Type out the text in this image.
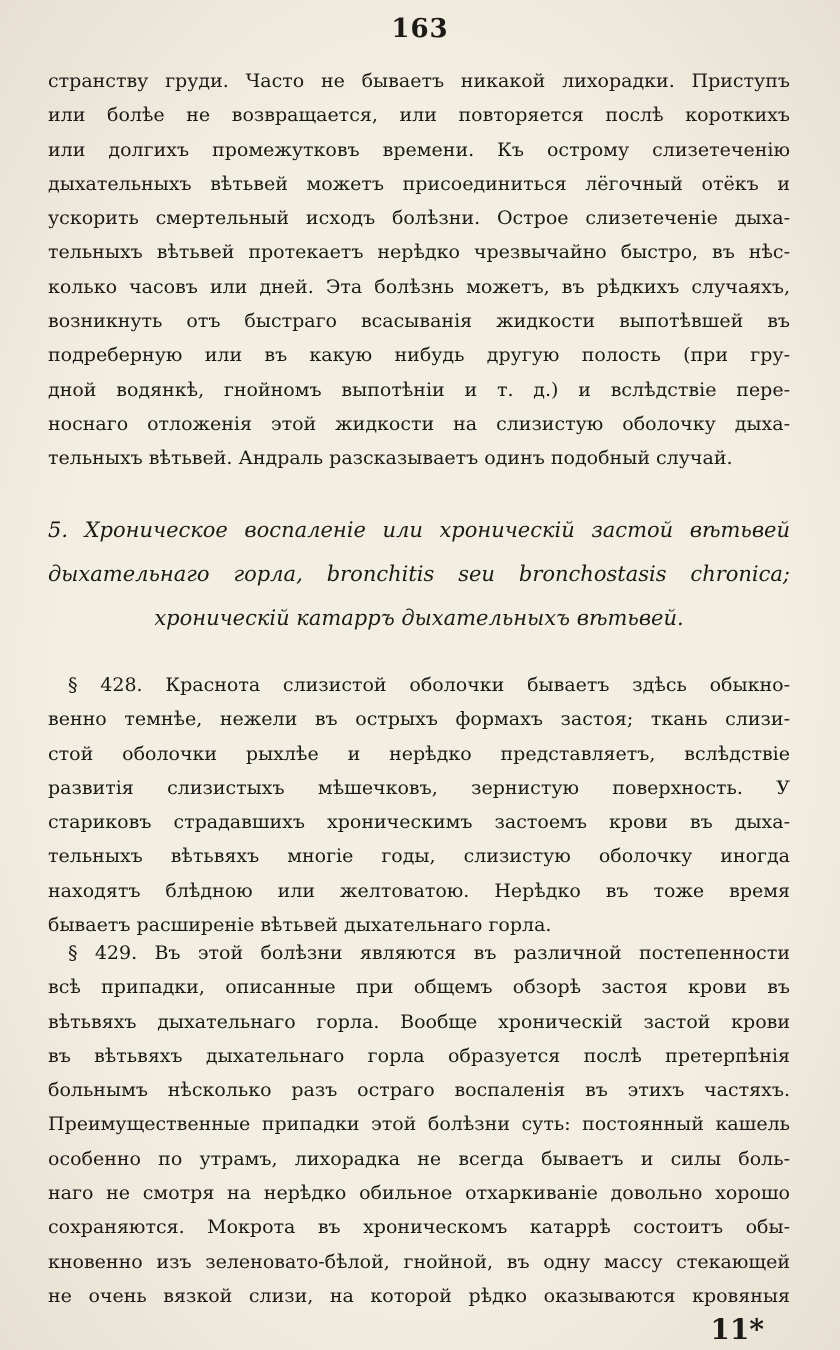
163
странству груди. Часто не бываетъ никакой лихорадки. Приступъ
или болѣе не возвращается, или повторяется послѣ короткихъ
или долгихъ промежутковъ времени. Къ острому слизетеченію
дыхательныхъ вѣтьвей можетъ присоединиться лёгочный отёкъ и
ускорить смертельный исходъ болѣзни. Острое слизетеченіе дыха-
тельныхъ вѣтьвей протекаетъ нерѣдко чрезвычайно быстро, въ нѣс-
колько часовъ или дней. Эта болѣзнь можетъ, въ рѣдкихъ случаяхъ,
возникнуть отъ быстраго всасыванія жидкости выпотѣвшей въ
подреберную или въ какую нибудь другую полость (при гру-
дной водянкѣ, гнойномъ выпотѣніи и т. д.) и вслѣдствіе пере-
носнаго отложенія этой жидкости на слизистую оболочку дыха-
тельныхъ вѣтьвей. Андраль разсказываетъ одинъ подобный случай.
5. Хроническое воспаленіе или хроническій застой вѣтьвей
дыхательнаго горла, bronchitis seu bronchostasis chronica;
хроническій катарръ дыхательныхъ вѣтьвей.
§ 428. Краснота слизистой оболочки бываетъ здѣсь обыкно-
венно темнѣе, нежели въ острыхъ формахъ застоя; ткань слизи-
стой оболочки рыхлѣе и нерѣдко представляетъ, вслѣдствіе
развитія слизистыхъ мѣшечковъ, зернистую поверхность. У
стариковъ страдавшихъ хроническимъ застоемъ крови въ дыха-
тельныхъ вѣтьвяхъ многіе годы, слизистую оболочку иногда
находятъ блѣдною или желтоватою. Нерѣдко въ тоже время
бываетъ расширеніе вѣтьвей дыхательнаго горла.
§ 429. Въ этой болѣзни являются въ различной постепенности
всѣ припадки, описанные при общемъ обзорѣ застоя крови въ
вѣтьвяхъ дыхательнаго горла. Вообще хроническій застой крови
въ вѣтьвяхъ дыхательнаго горла образуется послѣ претерпѣнія
больнымъ нѣсколько разъ остраго воспаленія въ этихъ частяхъ.
Преимущественные припадки этой болѣзни суть: постоянный кашель
особенно по утрамъ, лихорадка не всегда бываетъ и силы боль-
наго не смотря на нерѣдко обильное отхаркиваніе довольно хорошо
сохраняются. Мокрота въ хроническомъ катаррѣ состоитъ обы-
кновенно изъ зеленовато-бѣлой, гнойной, въ одну массу стекающей
не очень вязкой слизи, на которой рѣдко оказываются кровяныя
11*
